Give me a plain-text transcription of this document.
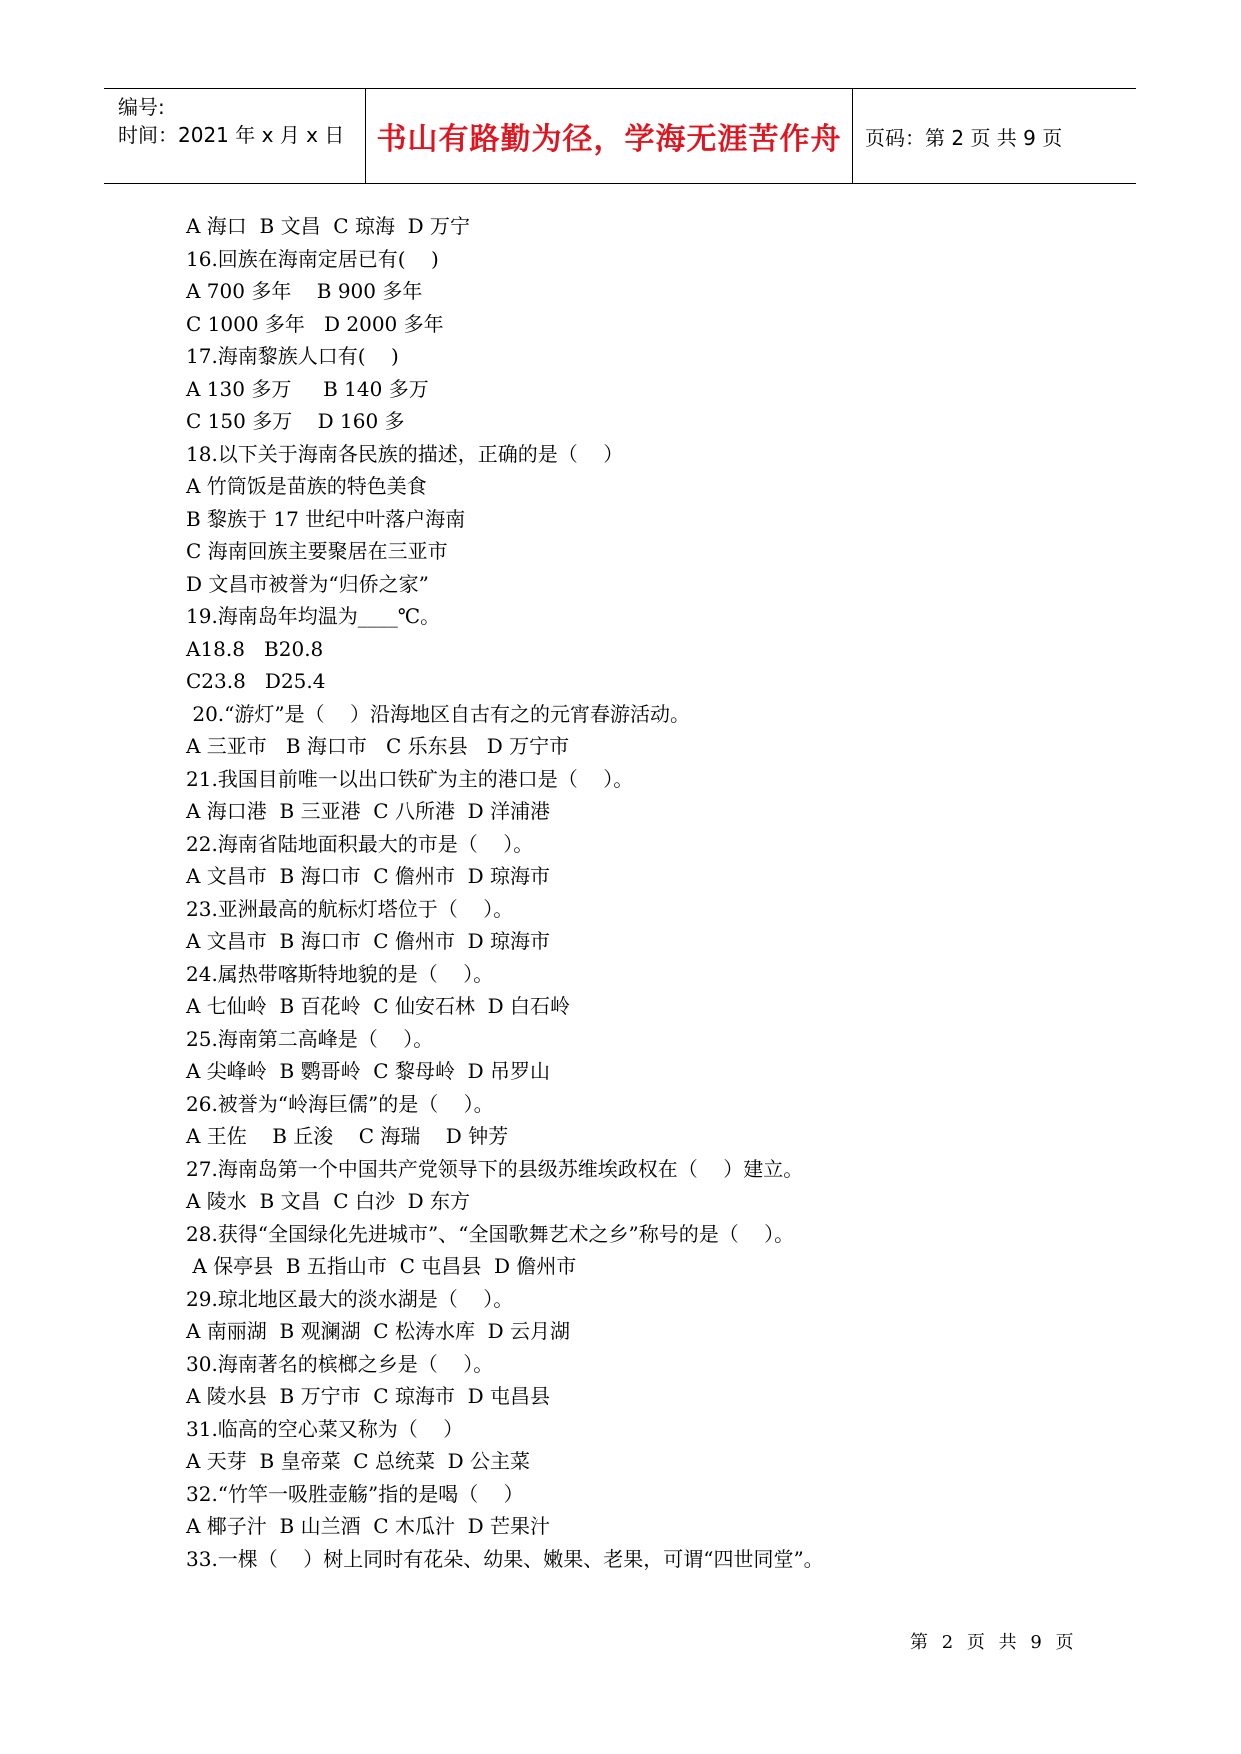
编号:
时间：2021 年 x 月 x 日	书山有路勤为径，学海无涯苦作舟	页码：第 2 页 共 9 页
A 海口  B 文昌  C 琼海  D 万宁
16.回族在海南定居已有(    )
A 700 多年    B 900 多年
C 1000 多年   D 2000 多年
17.海南黎族人口有(    )
A 130 多万     B 140 多万
C 150 多万    D 160 多
18.以下关于海南各民族的描述，正确的是（    ）
A 竹筒饭是苗族的特色美食
B 黎族于 17 世纪中叶落户海南
C 海南回族主要聚居在三亚市
D 文昌市被誉为“归侨之家”
19.海南岛年均温为____℃。
A18.8   B20.8
C23.8   D25.4
20.“游灯”是（    ）沿海地区自古有之的元宵春游活动。
A 三亚市   B 海口市   C 乐东县   D 万宁市
21.我国目前唯一以出口铁矿为主的港口是（    ）。
A 海口港  B 三亚港  C 八所港  D 洋浦港
22.海南省陆地面积最大的市是（    ）。
A 文昌市  B 海口市  C 儋州市  D 琼海市
23.亚洲最高的航标灯塔位于（    ）。
A 文昌市  B 海口市  C 儋州市  D 琼海市
24.属热带喀斯特地貌的是（    ）。
A 七仙岭  B 百花岭  C 仙安石林  D 白石岭
25.海南第二高峰是（    ）。
A 尖峰岭  B 鹦哥岭  C 黎母岭  D 吊罗山
26.被誉为“岭海巨儒”的是（    ）。
A 王佐    B 丘浚    C 海瑞    D 钟芳
27.海南岛第一个中国共产党领导下的县级苏维埃政权在（    ）建立。
A 陵水  B 文昌  C 白沙  D 东方
28.获得“全国绿化先进城市”、“全国歌舞艺术之乡”称号的是（    ）。
A 保亭县  B 五指山市  C 屯昌县  D 儋州市
29.琼北地区最大的淡水湖是（    ）。
A 南丽湖  B 观澜湖  C 松涛水库  D 云月湖
30.海南著名的槟榔之乡是（    ）。
A 陵水县  B 万宁市  C 琼海市  D 屯昌县
31.临高的空心菜又称为（    ）
A 天芽  B 皇帝菜  C 总统菜  D 公主菜
32.“竹竿一吸胜壶觞”指的是喝（    ）
A 椰子汁  B 山兰酒  C 木瓜汁  D 芒果汁
33.一棵（    ）树上同时有花朵、幼果、嫩果、老果，可谓“四世同堂”。
第 2 页 共 9 页
